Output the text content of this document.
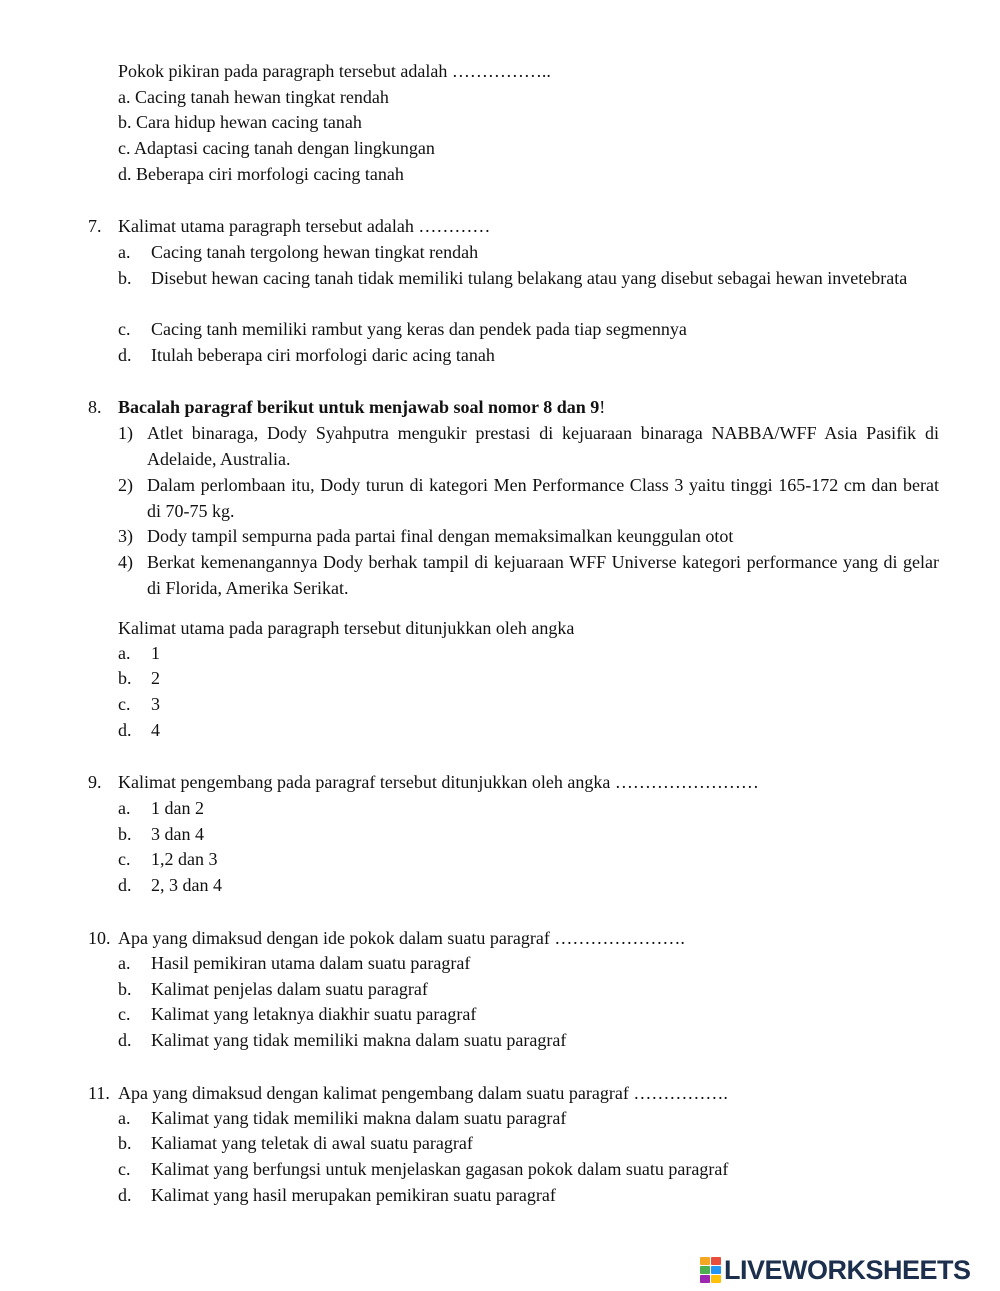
Pokok pikiran pada paragraph tersebut adalah ……………..
a. Cacing tanah hewan tingkat rendah
b. Cara hidup hewan cacing tanah
c. Adaptasi cacing tanah dengan lingkungan
d. Beberapa ciri morfologi cacing tanah
7. Kalimat utama paragraph tersebut adalah …………
a. Cacing tanah tergolong hewan tingkat rendah
b. Disebut hewan cacing tanah tidak memiliki tulang belakang atau yang disebut sebagai hewan invetebrata
c. Cacing tanh memiliki rambut yang keras dan pendek pada tiap segmennya
d. Itulah beberapa ciri morfologi daric acing tanah
8. Bacalah paragraf berikut untuk menjawab soal nomor 8 dan 9!
1) Atlet binaraga, Dody Syahputra mengukir prestasi di kejuaraan binaraga NABBA/WFF Asia Pasifik di Adelaide, Australia.
2) Dalam perlombaan itu, Dody turun di kategori Men Performance Class 3 yaitu tinggi 165-172 cm dan berat di 70-75 kg.
3) Dody tampil sempurna pada partai final dengan memaksimalkan keunggulan otot
4) Berkat kemenangannya Dody berhak tampil di kejuaraan WFF Universe kategori performance yang di gelar di Florida, Amerika Serikat.
Kalimat utama pada paragraph tersebut ditunjukkan oleh angka
a. 1
b. 2
c. 3
d. 4
9. Kalimat pengembang pada paragraf tersebut ditunjukkan oleh angka ……………………
a. 1 dan 2
b. 3 dan 4
c. 1,2 dan 3
d. 2, 3 dan 4
10. Apa yang dimaksud dengan ide pokok dalam suatu paragraf ………………….
a. Hasil pemikiran utama dalam suatu paragraf
b. Kalimat penjelas dalam suatu paragraf
c. Kalimat yang letaknya diakhir suatu paragraf
d. Kalimat yang tidak memiliki makna dalam suatu paragraf
11. Apa yang dimaksud dengan kalimat pengembang dalam suatu paragraf …………….
a. Kalimat yang tidak memiliki makna dalam suatu paragraf
b. Kaliamat yang teletak di awal suatu paragraf
c. Kalimat yang berfungsi untuk menjelaskan gagasan pokok dalam suatu paragraf
d. Kalimat yang hasil merupakan pemikiran suatu paragraf
LIVEWORKSHEETS
